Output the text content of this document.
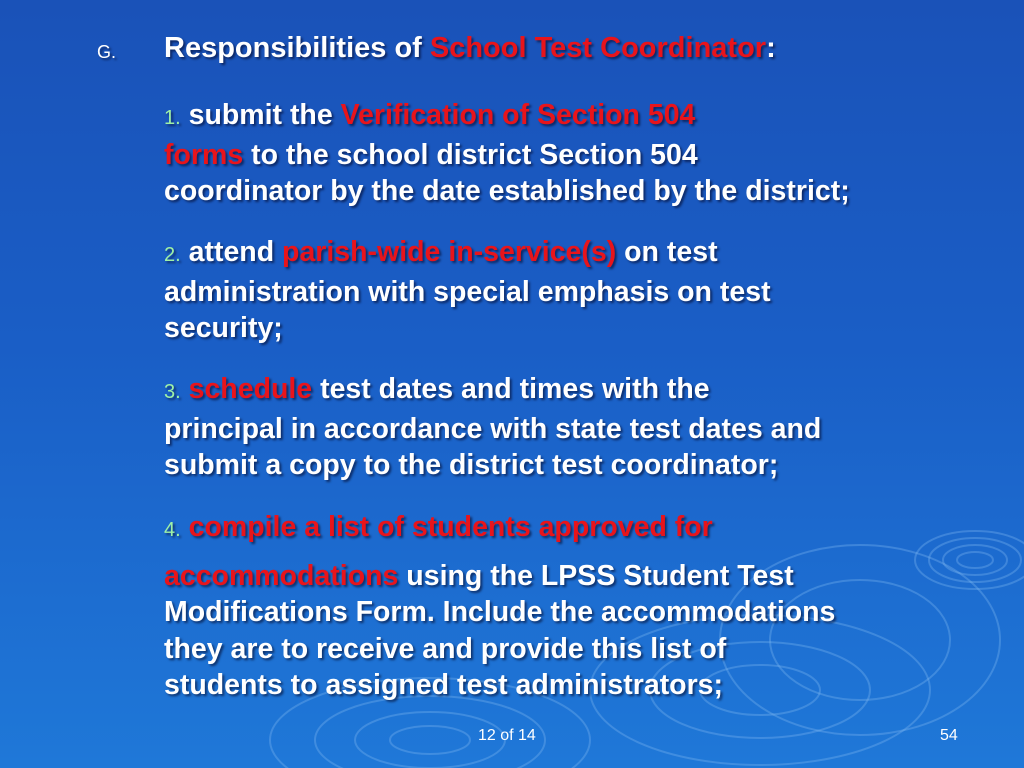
G. Responsibilities of School Test Coordinator:
1. submit the Verification of Section 504
forms to the school district Section 504
coordinator by the date established by the district;
2. attend parish-wide in-service(s) on test
administration with special emphasis on test
security;
3. schedule test dates and times with the
principal in accordance with state test dates and
submit a copy to the district test coordinator;
4. compile a list of students approved for
accommodations using the LPSS Student Test
Modifications Form. Include the accommodations
they are to receive and provide this list of
students to assigned test administrators;
12 of 14	54
